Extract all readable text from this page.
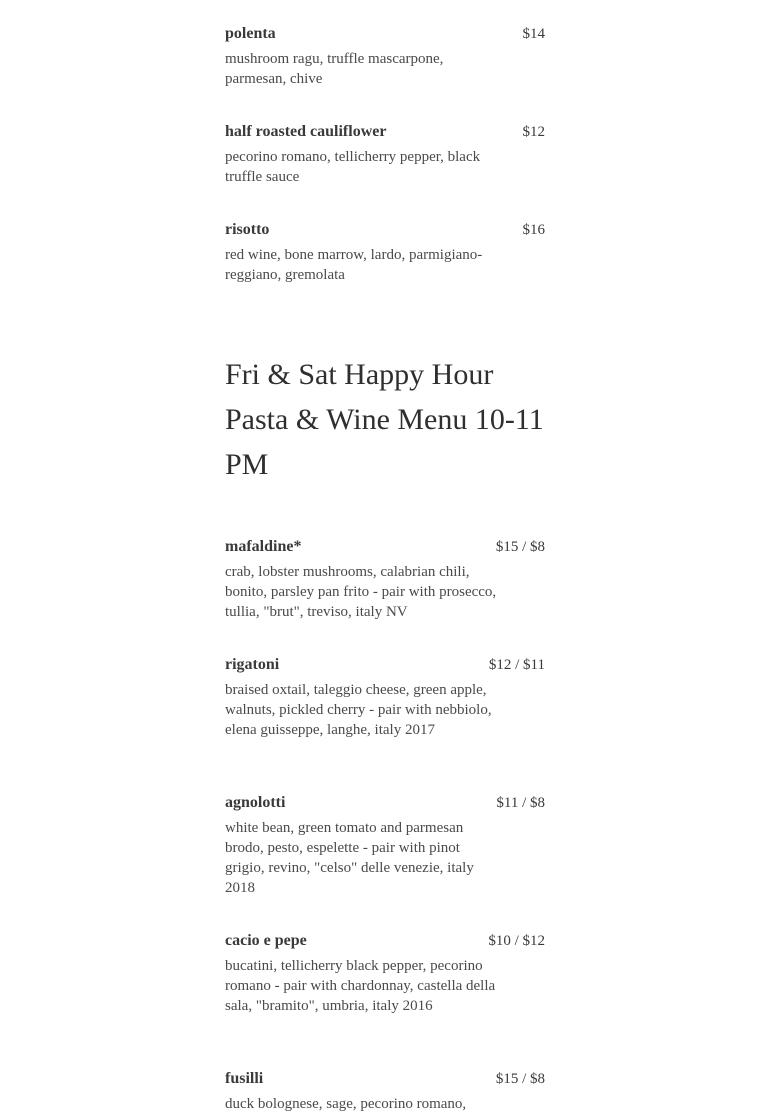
polenta	$14
mushroom ragu, truffle mascarpone, parmesan, chive
half roasted cauliflower	$12
pecorino romano, tellicherry pepper, black truffle sauce
risotto	$16
red wine, bone marrow, lardo, parmigiano-reggiano, gremolata
Fri & Sat Happy Hour Pasta & Wine Menu 10-11 PM
mafaldine*	$15 / $8
crab, lobster mushrooms, calabrian chili, bonito, parsley pan frito - pair with prosecco, tullia, "brut", treviso, italy NV
rigatoni	$12 / $11
braised oxtail, taleggio cheese, green apple, walnuts, pickled cherry - pair with nebbiolo, elena guisseppe, langhe, italy 2017
agnolotti	$11 / $8
white bean, green tomato and parmesan brodo, pesto, espelette - pair with pinot grigio, revino, "celso" delle venezie, italy 2018
cacio e pepe	$10 / $12
bucatini, tellicherry black pepper, pecorino romano - pair with chardonnay, castella della sala, "bramito", umbria, italy 2016
fusilli	$15 / $8
duck bolognese, sage, pecorino romano,
